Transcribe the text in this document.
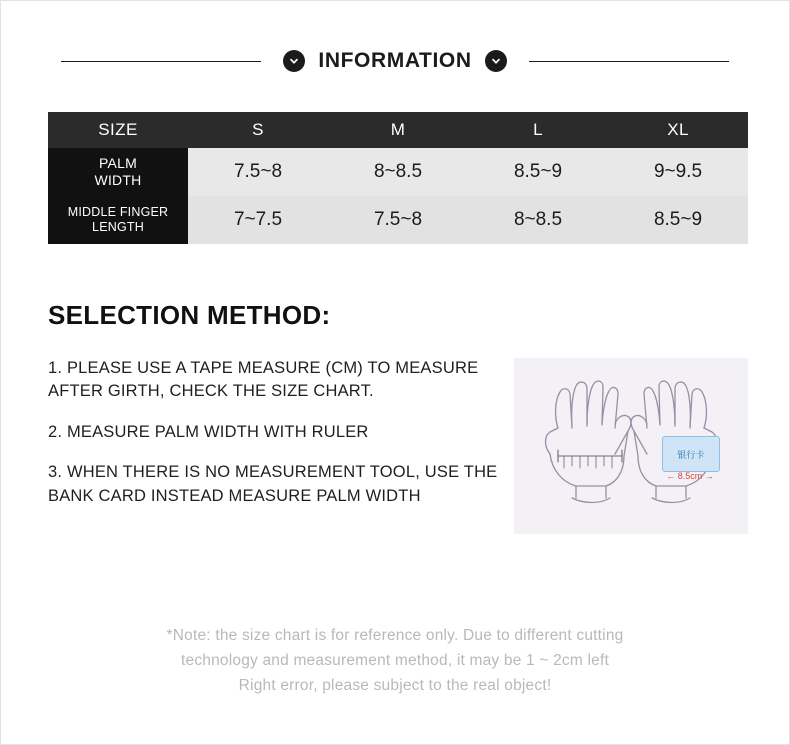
INFORMATION
SIZE	S	M	L	XL

PALM
WIDTH	7.5~8	8~8.5	8.5~9	9~9.5

MIDDLE FINGER
LENGTH	7~7.5	7.5~8	8~8.5	8.5~9
SELECTION METHOD:
1. PLEASE USE A TAPE MEASURE (CM) TO MEASURE AFTER GIRTH, CHECK THE SIZE CHART.
2. MEASURE PALM WIDTH WITH RULER
3. WHEN THERE IS NO MEASUREMENT TOOL, USE THE BANK CARD INSTEAD MEASURE PALM WIDTH
银行卡
← 8.5cm →
*Note: the size chart is for reference only. Due to different cutting
technology and measurement method, it may be 1 ~ 2cm left
Right error, please subject to the real object!
